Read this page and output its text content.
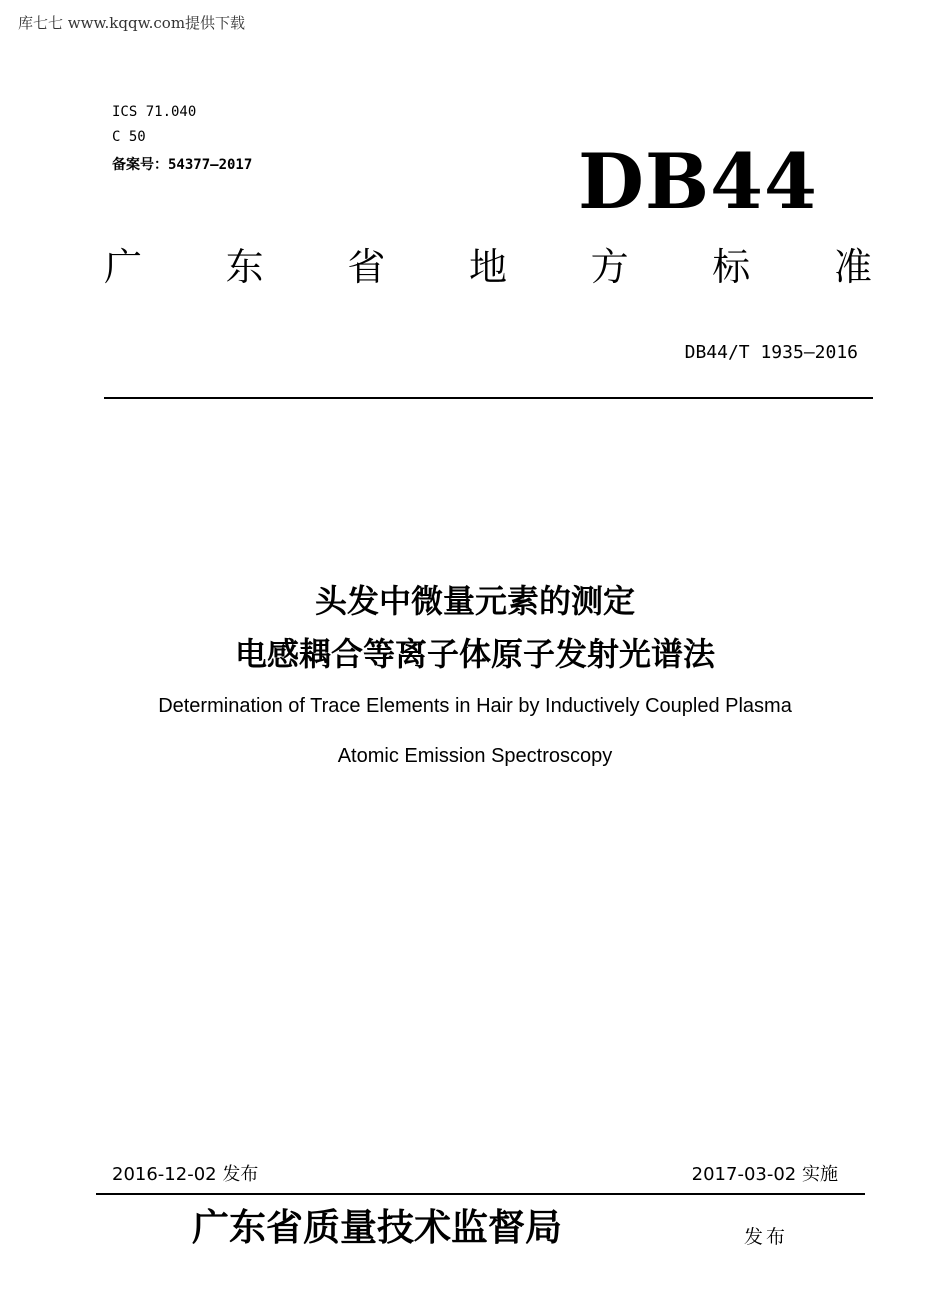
库七七 www.kqqw.com提供下载
ICS 71.040
C 50
备案号：54377—2017	DB44
广 东 省 地 方 标 准
DB44/T 1935—2016
头发中微量元素的测定
电感耦合等离子体原子发射光谱法
Determination of Trace Elements in Hair by Inductively Coupled Plasma
Atomic Emission Spectroscopy
2016-12-02 发布	2017-03-02 实施
广东省质量技术监督局	发布
